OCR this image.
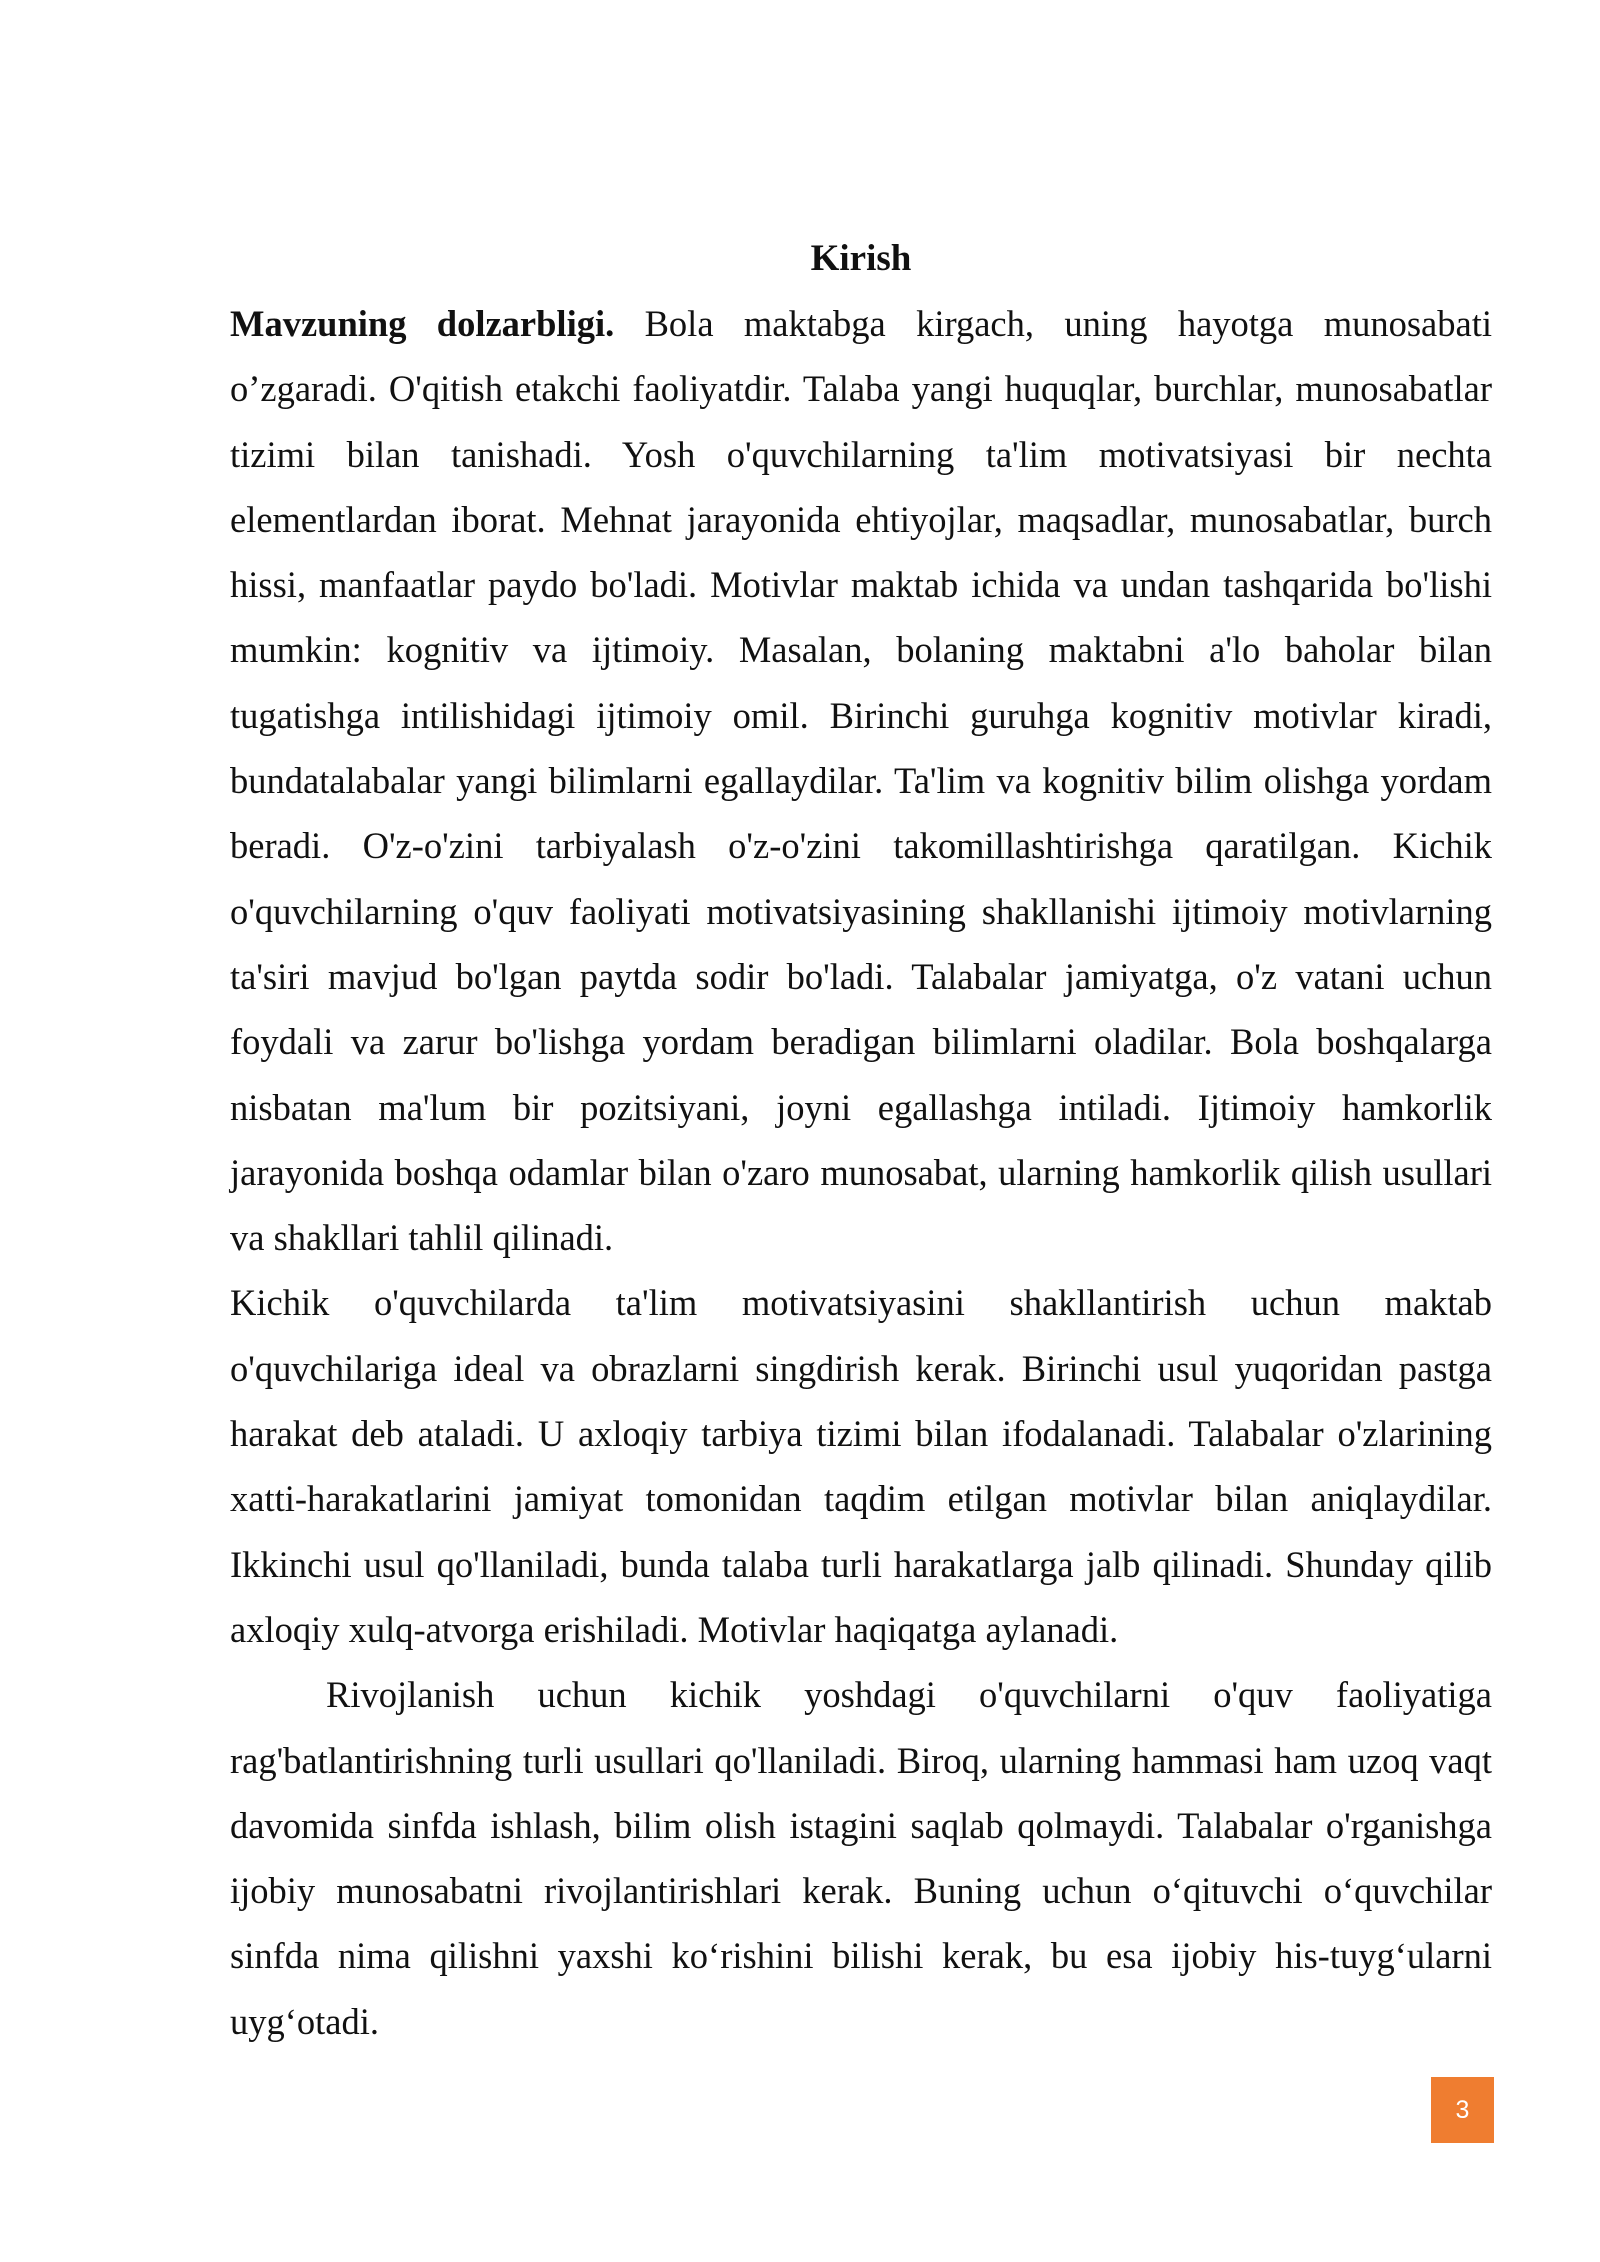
Kirish

Mavzuning dolzarbligi. Bola maktabga kirgach, uning hayotga munosabati o’zgaradi. O'qitish etakchi faoliyatdir. Talaba yangi huquqlar, burchlar, munosabatlar tizimi bilan tanishadi. Yosh o'quvchilarning ta'lim motivatsiyasi bir nechta elementlardan iborat. Mehnat jarayonida ehtiyojlar, maqsadlar, munosabatlar, burch hissi, manfaatlar paydo bo'ladi. Motivlar maktab ichida va undan tashqarida bo'lishi mumkin: kognitiv va ijtimoiy. Masalan, bolaning maktabni a'lo baholar bilan tugatishga intilishidagi ijtimoiy omil. Birinchi guruhga kognitiv motivlar kiradi, bundatalabalar yangi bilimlarni egallaydilar. Ta'lim va kognitiv bilim olishga yordam beradi. O'z-o'zini tarbiyalash o'z-o'zini takomillashtirishga qaratilgan. Kichik o'quvchilarning o'quv faoliyati motivatsiyasining shakllanishi ijtimoiy motivlarning ta'siri mavjud bo'lgan paytda sodir bo'ladi. Talabalar jamiyatga, o'z vatani uchun foydali va zarur bo'lishga yordam beradigan bilimlarni oladilar. Bola boshqalarga nisbatan ma'lum bir pozitsiyani, joyni egallashga intiladi. Ijtimoiy hamkorlik jarayonida boshqa odamlar bilan o'zaro munosabat, ularning hamkorlik qilish usullari va shakllari tahlil qilinadi.

Kichik o'quvchilarda ta'lim motivatsiyasini shakllantirish uchun maktab o'quvchilariga ideal va obrazlarni singdirish kerak. Birinchi usul yuqoridan pastga harakat deb ataladi. U axloqiy tarbiya tizimi bilan ifodalanadi. Talabalar o'zlarining xatti-harakatlarini jamiyat tomonidan taqdim etilgan motivlar bilan aniqlaydilar. Ikkinchi usul qo'llaniladi, bunda talaba turli harakatlarga jalb qilinadi. Shunday qilib axloqiy xulq-atvorga erishiladi. Motivlar haqiqatga aylanadi.

Rivojlanish uchun kichik yoshdagi o'quvchilarni o'quv faoliyatiga rag'batlantirishning turli usullari qo'llaniladi. Biroq, ularning hammasi ham uzoq vaqt davomida sinfda ishlash, bilim olish istagini saqlab qolmaydi. Talabalar o'rganishga ijobiy munosabatni rivojlantirishlari kerak. Buning uchun o‘qituvchi o‘quvchilar sinfda nima qilishni yaxshi ko‘rishini bilishi kerak, bu esa ijobiy his-tuyg‘ularni uyg‘otadi.

3
